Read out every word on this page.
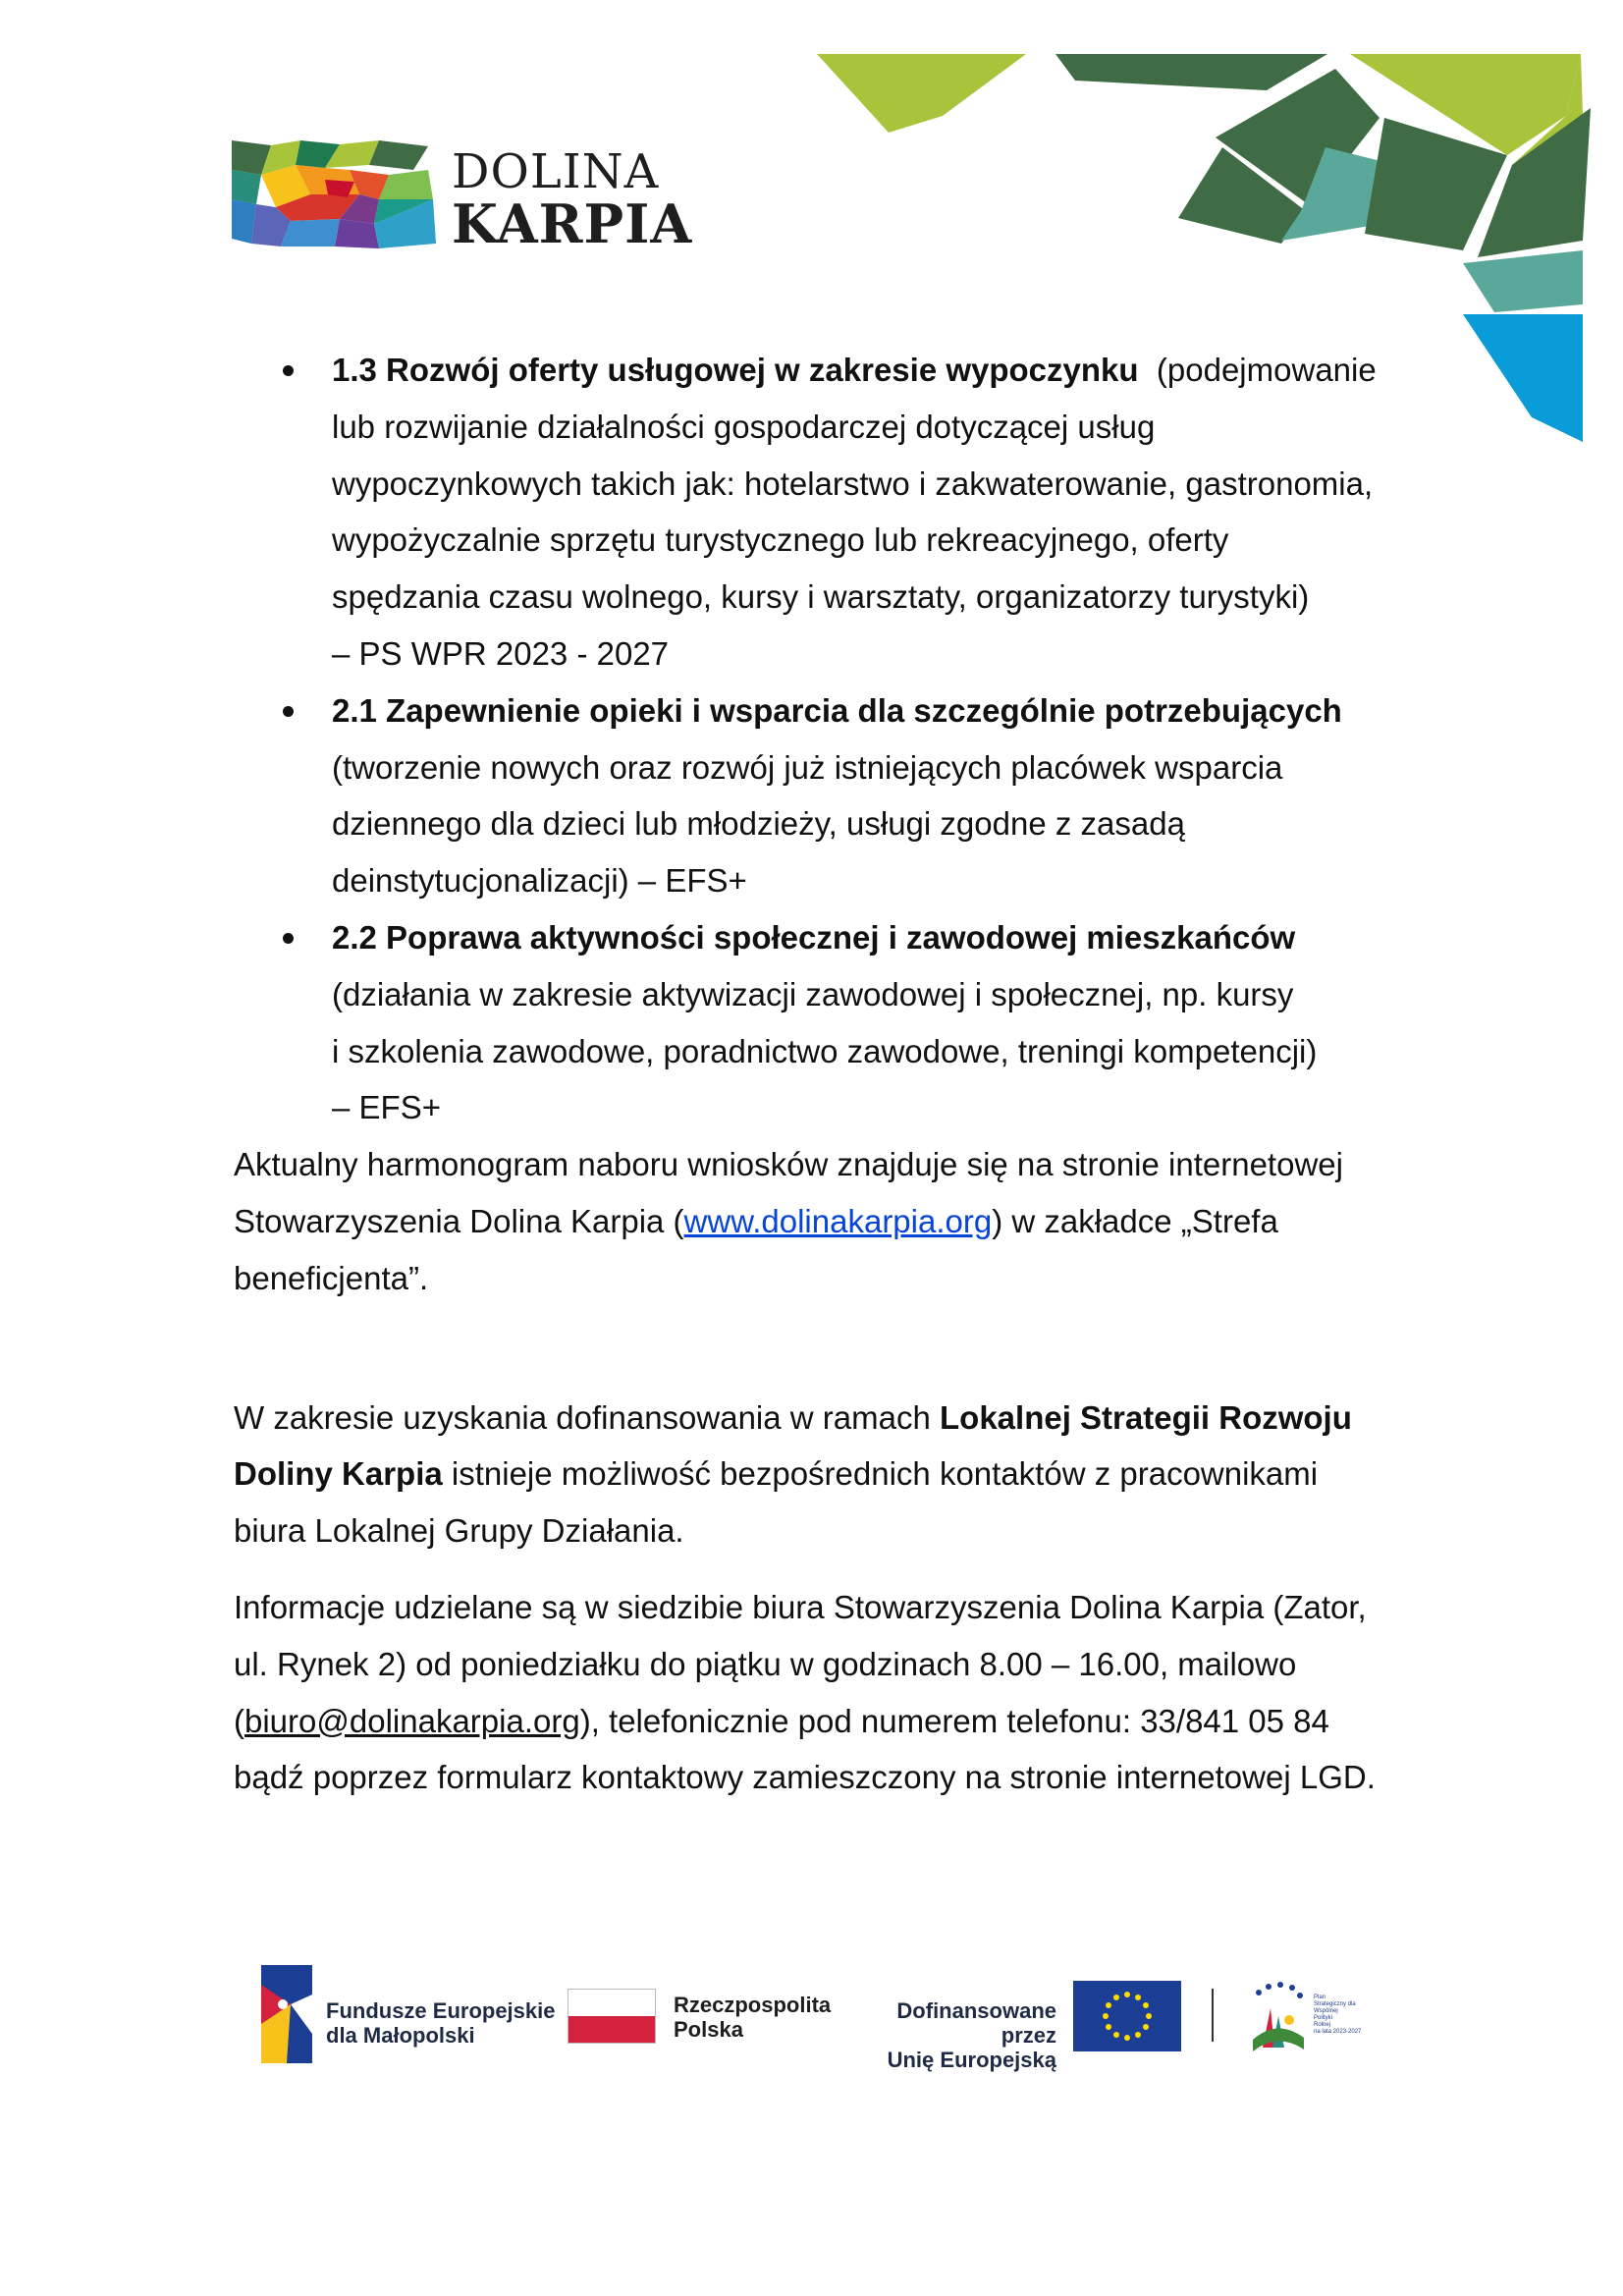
DOLINA
KARPIA
1.3 Rozwój oferty usługowej w zakresie wypoczynku (podejmowanie
lub rozwijanie działalności gospodarczej dotyczącej usług
wypoczynkowych takich jak: hotelarstwo i zakwaterowanie, gastronomia,
wypożyczalnie sprzętu turystycznego lub rekreacyjnego, oferty
spędzania czasu wolnego, kursy i warsztaty, organizatorzy turystyki)
– PS WPR 2023 - 2027
2.1 Zapewnienie opieki i wsparcia dla szczególnie potrzebujących
(tworzenie nowych oraz rozwój już istniejących placówek wsparcia
dziennego dla dzieci lub młodzieży, usługi zgodne z zasadą
deinstytucjonalizacji) – EFS+
2.2 Poprawa aktywności społecznej i zawodowej mieszkańców
(działania w zakresie aktywizacji zawodowej i społecznej, np. kursy
i szkolenia zawodowe, poradnictwo zawodowe, treningi kompetencji)
– EFS+

Aktualny harmonogram naboru wniosków znajduje się na stronie internetowej
Stowarzyszenia Dolina Karpia (www.dolinakarpia.org) w zakładce „Strefa
beneficjenta”.

W zakresie uzyskania dofinansowania w ramach Lokalnej Strategii Rozwoju
Doliny Karpia istnieje możliwość bezpośrednich kontaktów z pracownikami
biura Lokalnej Grupy Działania.

Informacje udzielane są w siedzibie biura Stowarzyszenia Dolina Karpia (Zator,
ul. Rynek 2) od poniedziałku do piątku w godzinach 8.00 – 16.00, mailowo
(biuro@dolinakarpia.org), telefonicznie pod numerem telefonu: 33/841 05 84
bądź poprzez formularz kontaktowy zamieszczony na stronie internetowej LGD.

Fundusze Europejskie
dla Małopolski
Rzeczpospolita
Polska
Dofinansowane przez
Unię Europejską
Plan
Strategiczny dla
Wspólnej
Polityki
Rolnej
na lata 2023-2027
